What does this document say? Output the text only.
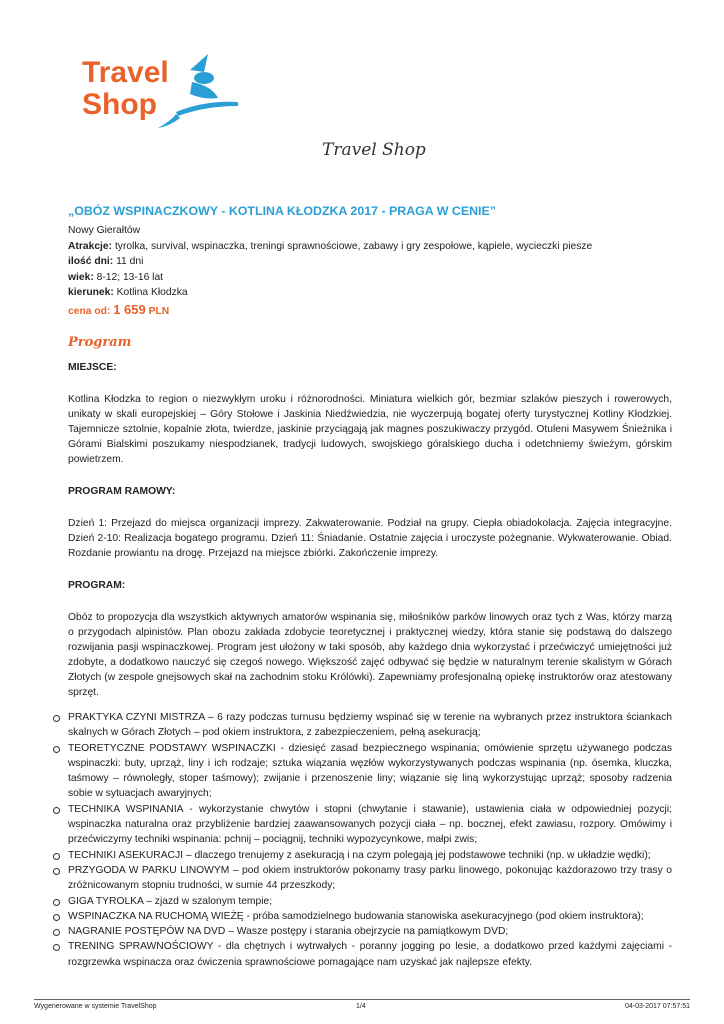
Travel
Shop
Travel Shop
„OBÓZ WSPINACZKOWY - KOTLINA KŁODZKA 2017 - PRAGA W CENIE”
Nowy Gierałtów
Atrakcje: tyrolka, survival, wspinaczka, treningi sprawnościowe, zabawy i gry zespołowe, kąpiele, wycieczki piesze
ilość dni: 11 dni
wiek: 8-12; 13-16 lat
kierunek: Kotlina Kłodzka
cena od: 1 659 PLN
Program
MIEJSCE:

Kotlina Kłodzka to region o niezwykłym uroku i różnorodności. Miniatura wielkich gór, bezmiar szlaków pieszych i rowerowych, unikaty w skali europejskiej – Góry Stołowe i Jaskinia Niedźwiedzia, nie wyczerpują bogatej oferty turystycznej Kotliny Kłodzkiej. Tajemnicze sztolnie, kopalnie złota, twierdze, jaskinie przyciągają jak magnes poszukiwaczy przygód. Otuleni Masywem Śnieżnika i Górami Bialskimi poszukamy niespodzianek, tradycji ludowych, swojskiego góralskiego ducha i odetchniemy świeżym, górskim powietrzem.

PROGRAM RAMOWY:

Dzień 1: Przejazd do miejsca organizacji imprezy. Zakwaterowanie. Podział na grupy. Ciepła obiadokolacja. Zajęcia integracyjne. Dzień 2-10: Realizacja bogatego programu. Dzień 11: Śniadanie. Ostatnie zajęcia i uroczyste pożegnanie. Wykwaterowanie. Obiad. Rozdanie prowiantu na drogę. Przejazd na miejsce zbiórki. Zakończenie imprezy.

PROGRAM:

Obóz to propozycja dla wszystkich aktywnych amatorów wspinania się, miłośników parków linowych oraz tych z Was, którzy marzą o przygodach alpinistów. Plan obozu zakłada zdobycie teoretycznej i praktycznej wiedzy, która stanie się podstawą do dalszego rozwijania pasji wspinaczkowej. Program jest ułożony w taki sposób, aby każdego dnia wykorzystać i przećwiczyć umiejętności już zdobyte, a dodatkowo nauczyć się czegoś nowego. Większość zajęć odbywać się będzie w naturalnym terenie skalistym w Górach Złotych (w zespole gnejsowych skał na zachodnim stoku Królówki). Zapewniamy profesjonalną opiekę instruktorów oraz atestowany sprzęt.

PRAKTYKA CZYNI MISTRZA – 6 razy podczas turnusu będziemy wspinać się w terenie na wybranych przez instruktora ściankach skalnych w Górach Złotych – pod okiem instruktora, z zabezpieczeniem, pełną asekuracją;
TEORETYCZNE PODSTAWY WSPINACZKI - dziesięć zasad bezpiecznego wspinania; omówienie sprzętu używanego podczas wspinaczki: buty, uprząż, liny i ich rodzaje; sztuka wiązania węzłów wykorzystywanych podczas wspinania (np. ósemka, kluczka, taśmowy – równoległy, stoper taśmowy); zwijanie i przenoszenie liny; wiązanie się liną wykorzystując uprząż; sposoby radzenia sobie w sytuacjach awaryjnych;
TECHNIKA WSPINANIA - wykorzystanie chwytów i stopni (chwytanie i stawanie), ustawienia ciała w odpowiedniej pozycji; wspinaczka naturalna oraz przybliżenie bardziej zaawansowanych pozycji ciała – np. bocznej, efekt zawiasu, rozpory. Omówimy i przećwiczymy techniki wspinania: pchnij – pociągnij, techniki wypozycynkowe, małpi zwis;
TECHNIKI ASEKURACJI – dlaczego trenujemy z asekuracją i na czym polegają jej podstawowe techniki (np. w układzie wędki);
PRZYGODA W PARKU LINOWYM – pod okiem instruktorów pokonamy trasy parku linowego, pokonując każdorazowo trzy trasy o zróżnicowanym stopniu trudności, w sumie 44 przeszkody;
GIGA TYROLKA – zjazd w szalonym tempie;
WSPINACZKA NA RUCHOMĄ WIEŻĘ - próba samodzielnego budowania stanowiska asekuracyjnego (pod okiem instruktora);
NAGRANIE POSTĘPÓW NA DVD – Wasze postępy i starania obejrzycie na pamiątkowym DVD;
TRENING SPRAWNOŚCIOWY - dla chętnych i wytrwałych - poranny jogging po lesie, a dodatkowo przed każdymi zajęciami - rozgrzewka wspinacza oraz ćwiczenia sprawnościowe pomagające nam uzyskać jak najlepsze efekty.
Wygenerowane w systemie TravelShop	1/4	04-03-2017 07:57:51
